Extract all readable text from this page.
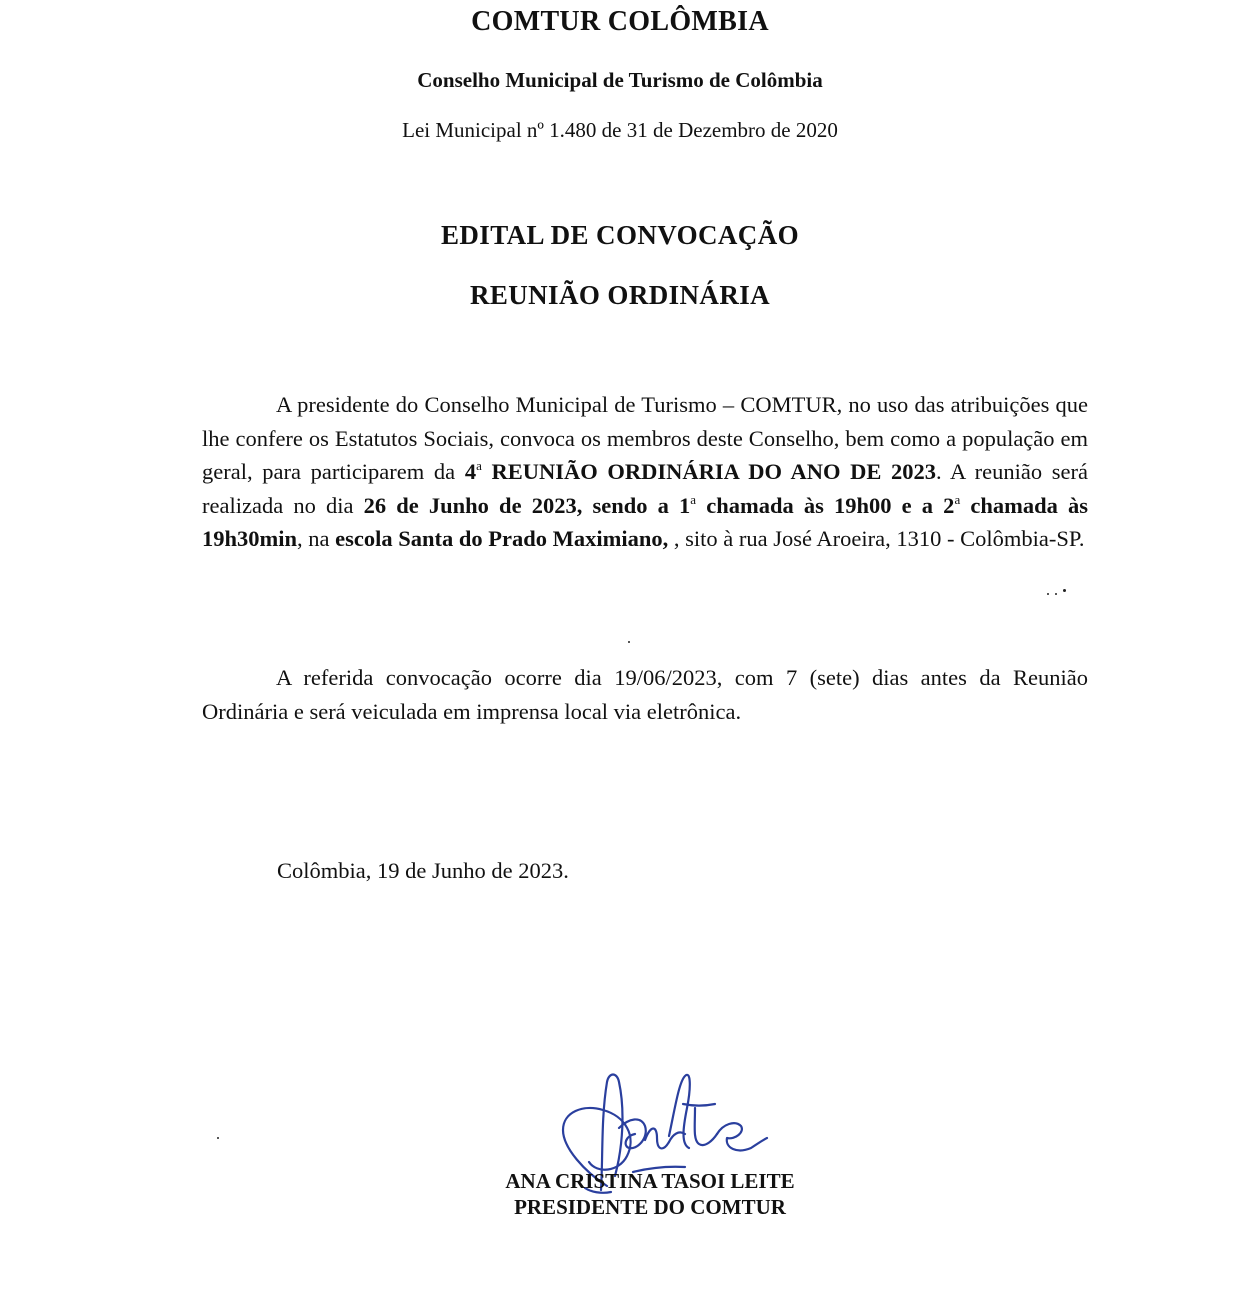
COMTUR COLÔMBIA

Conselho Municipal de Turismo de Colômbia

Lei Municipal nº 1.480 de 31 de Dezembro de 2020

EDITAL DE CONVOCAÇÃO
REUNIÃO ORDINÁRIA

A presidente do Conselho Municipal de Turismo – COMTUR, no uso das atribuições que lhe confere os Estatutos Sociais, convoca os membros deste Conselho, bem como a população em geral, para participarem da 4$^a$ REUNIÃO ORDINÁRIA DO ANO DE 2023. A reunião será realizada no dia 26 de Junho de 2023, sendo a 1$^a$ chamada às 19h00 e a 2$^a$ chamada às 19h30min, na escola Santa do Prado Maximiano, , sito à rua José Aroeira, 1310 - Colômbia-SP.

A referida convocação ocorre dia 19/06/2023, com 7 (sete) dias antes da Reunião Ordinária e será veiculada em imprensa local via eletrônica.

Colômbia, 19 de Junho de 2023.

ANA CRISTINA TASOI LEITE

PRESIDENTE DO COMTUR
